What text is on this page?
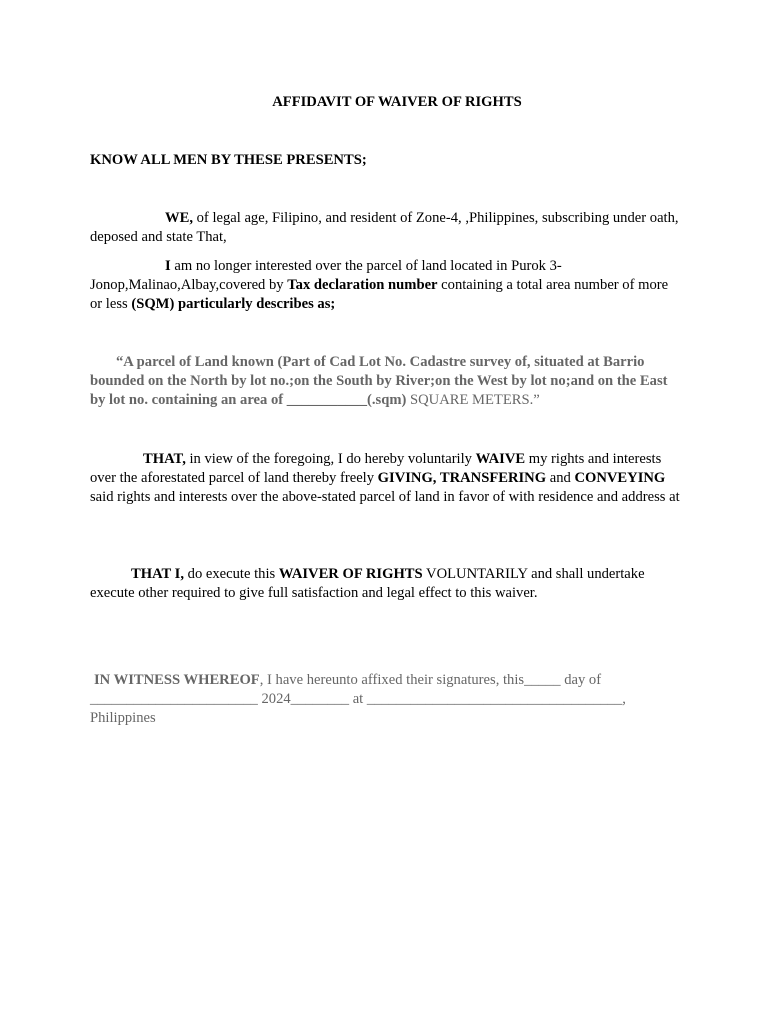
AFFIDAVIT OF WAIVER OF RIGHTS

KNOW ALL MEN BY THESE PRESENTS;

WE, of legal age, Filipino, and resident of Zone-4, ,Philippines, subscribing under oath, deposed and state That,

I am no longer interested over the parcel of land located in Purok 3-Jonop,Malinao,Albay,covered by Tax declaration number containing a total area number of more or less (SQM) particularly describes as;

“A parcel of Land known (Part of Cad Lot No. Cadastre survey of, situated at Barrio bounded on the North by lot no.;on the South by River;on the West by lot no;and on the East by lot no. containing an area of ___________(.sqm) SQUARE METERS.”

THAT, in view of the foregoing, I do hereby voluntarily WAIVE my rights and interests over the aforestated parcel of land thereby freely GIVING, TRANSFERING and CONVEYING said rights and interests over the above-stated parcel of land in favor of with residence and address at

THAT I, do execute this WAIVER OF RIGHTS VOLUNTARILY and shall undertake execute other required to give full satisfaction and legal effect to this waiver.

IN WITNESS WHEREOF, I have hereunto affixed their signatures, this_____ day of _______________________ 2024________ at ___________________________________, Philippines
